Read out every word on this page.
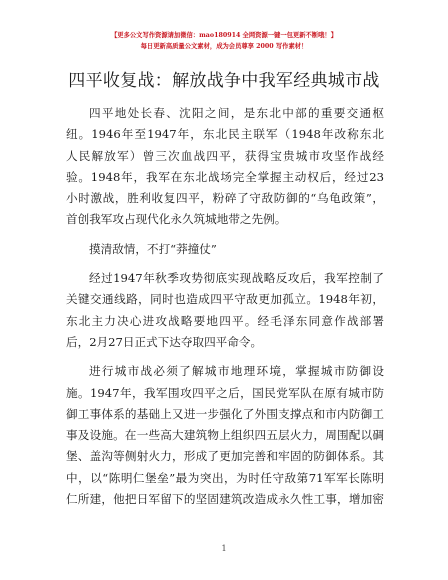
【更多公文写作资源请加微信：mao180914 全网资源一键一包更新不断哦！】
每日更新高质量公文素材，成为会员尊享 2000 写作素材！
四平收复战：解放战争中我军经典城市战
四平地处长春、沈阳之间，是东北中部的重要交通枢
纽。1946年至1947年，东北民主联军（1948年改称东北
人民解放军）曾三次血战四平，获得宝贵城市攻坚作战经
验。1948年，我军在东北战场完全掌握主动权后，经过23
小时激战，胜利收复四平，粉碎了守敌防御的“乌龟政策”，
首创我军攻占现代化永久筑城地带之先例。
摸清敌情，不打“莽撞仗”
经过1947年秋季攻势彻底实现战略反攻后，我军控制了
关键交通线路，同时也造成四平守敌更加孤立。1948年初，
东北主力决心进攻战略要地四平。经毛泽东同意作战部署
后，2月27日正式下达夺取四平命令。
进行城市战必须了解城市地理环境，掌握城市防御设
施。1947年，我军围攻四平之后，国民党军队在原有城市防
御工事体系的基础上又进一步强化了外围支撑点和市内防御工
事及设施。在一些高大建筑物上组织四五层火力，周围配以碉
堡、盖沟等侧射火力，形成了更加完善和牢固的防御体系。其
中，以“陈明仁堡垒”最为突出，为时任守敌第71军军长陈明
仁所建，他把日军留下的坚固建筑改造成永久性工事，增加密
1
